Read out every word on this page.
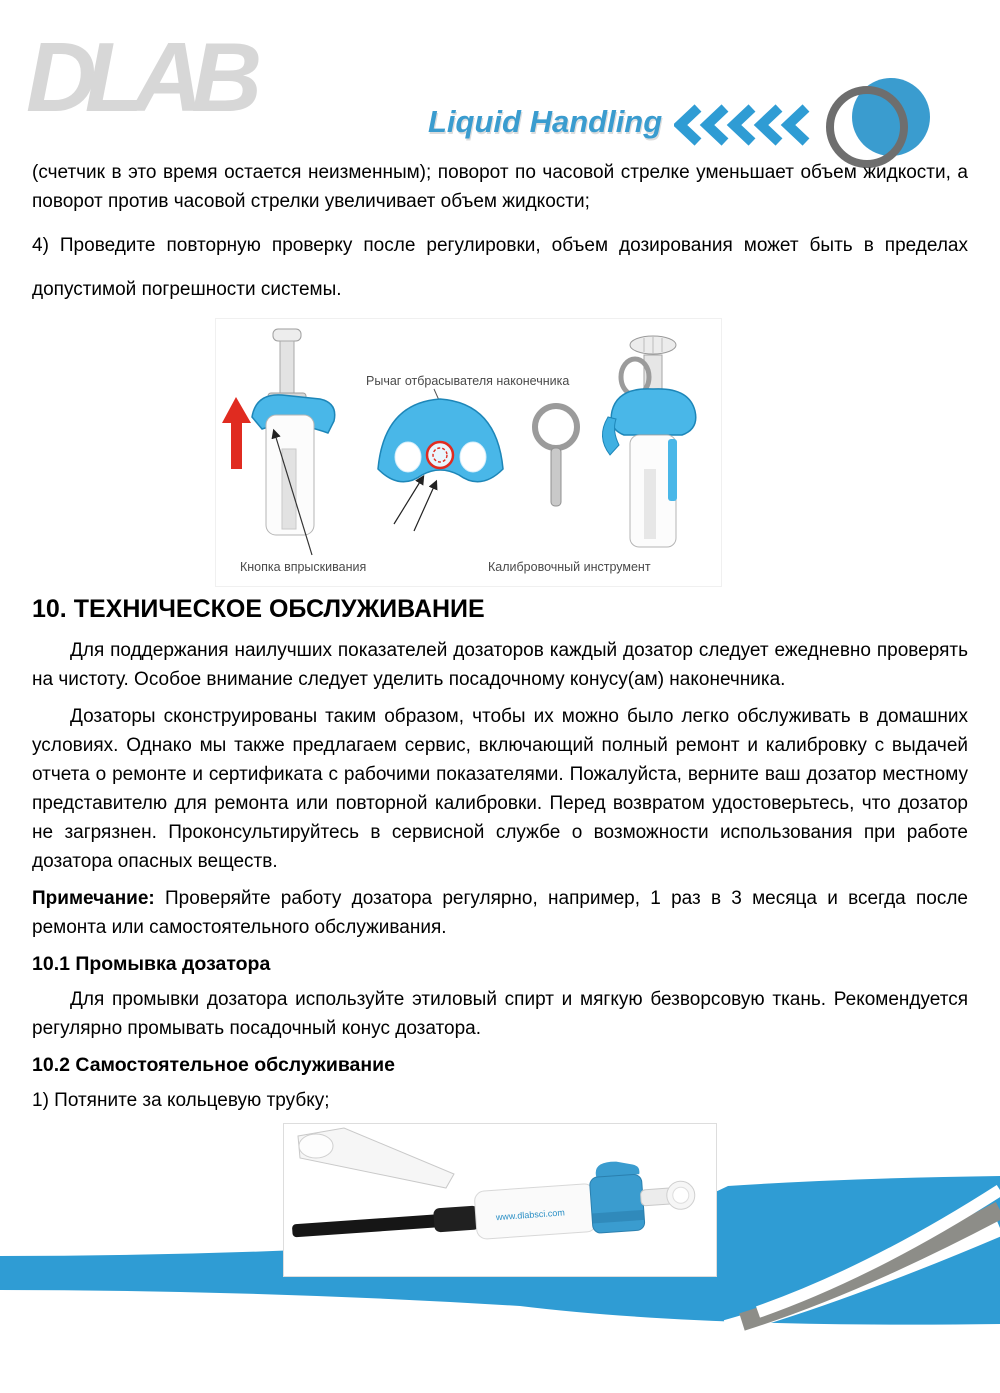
DLAB	Liquid Handling

(счетчик в это время остается неизменным); поворот по часовой стрелке уменьшает объем жидкости, а поворот против часовой стрелки увеличивает объем жидкости;

4) Проведите повторную проверку после регулировки, объем дозирования может быть в пределах допустимой погрешности системы.

Рычаг отбрасывателя наконечника
Кнопка впрыскивания	Калибровочный инструмент
10. ТЕХНИЧЕСКОЕ ОБСЛУЖИВАНИЕ

Для поддержания наилучших показателей дозаторов каждый дозатор следует ежедневно проверять на чистоту. Особое внимание следует уделить посадочному конусу(ам) наконечника.

Дозаторы сконструированы таким образом, чтобы их можно было легко обслуживать в домашних условиях. Однако мы также предлагаем сервис, включающий полный ремонт и калибровку с выдачей отчета о ремонте и сертификата с рабочими показателями. Пожалуйста, верните ваш дозатор местному представителю для ремонта или повторной калибровки. Перед возвратом удостоверьтесь, что дозатор не загрязнен. Проконсультируйтесь в сервисной службе о возможности использования при работе дозатора опасных веществ.

Примечание: Проверяйте работу дозатора регулярно, например, 1 раз в 3 месяца и всегда после ремонта или самостоятельного обслуживания.

10.1 Промывка дозатора

Для промывки дозатора используйте этиловый спирт и мягкую безворсовую ткань. Рекомендуется регулярно промывать посадочный конус дозатора.

10.2 Самостоятельное обслуживание

1) Потяните за кольцевую трубку;

www.dlabsci.com
